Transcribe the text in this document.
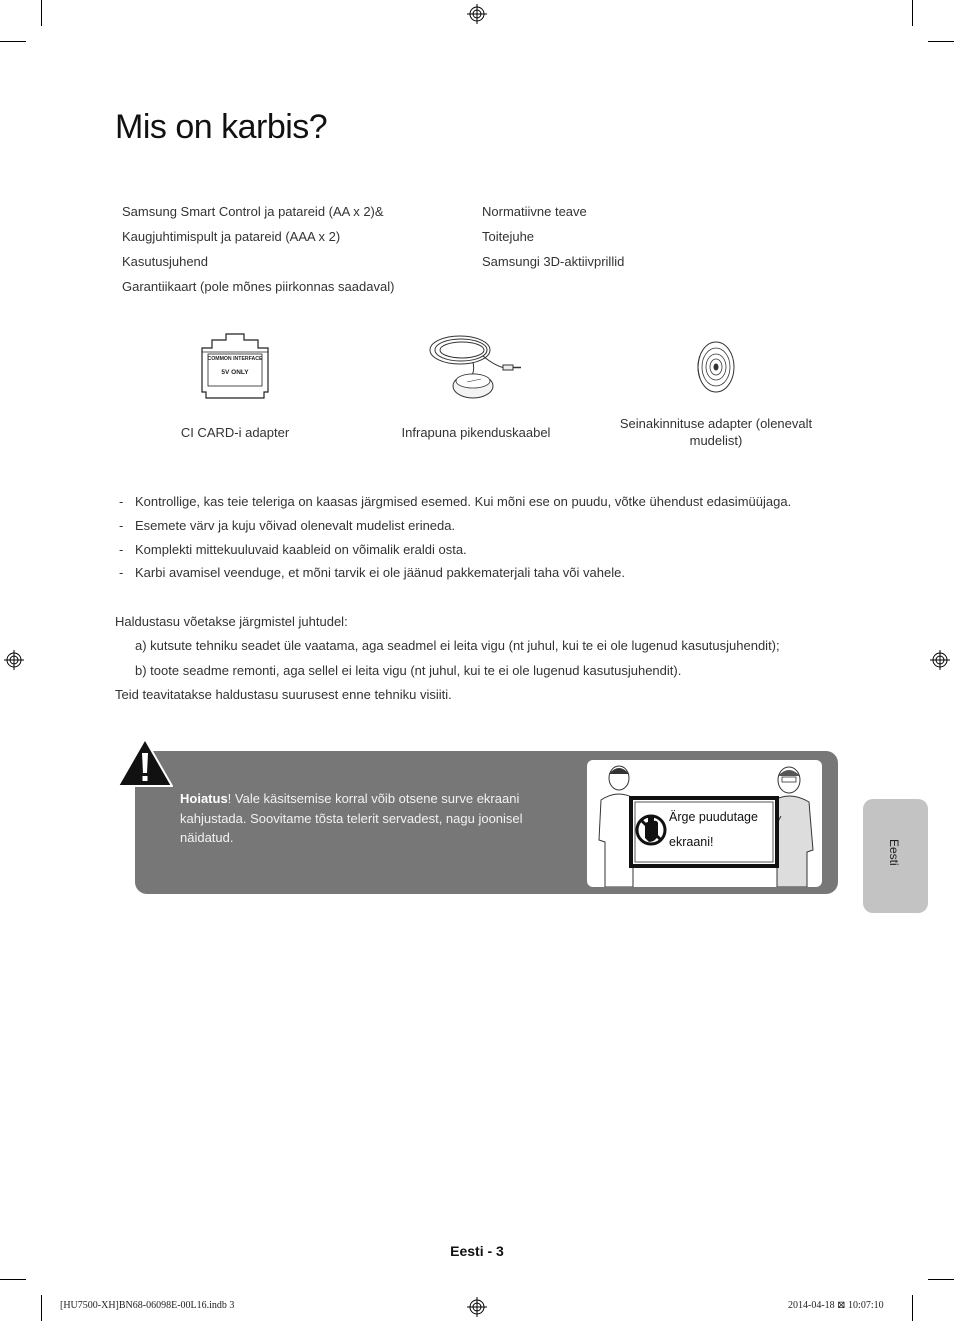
Mis on karbis?
Samsung Smart Control ja patareid (AA x 2)&
Kaugjuhtimispult ja patareid (AAA x 2)
Kasutusjuhend
Garantiikaart (pole mõnes piirkonnas saadaval)
Normatiivne teave
Toitejuhe
Samsungi 3D-aktiivprillid
COMMON INTERFACE
5V ONLY
CI CARD-i adapter	Infrapuna pikenduskaabel
Seinakinnituse adapter (olenevalt
mudelist)
- Kontrollige, kas teie teleriga on kaasas järgmised esemed. Kui mõni ese on puudu, võtke ühendust edasimüüjaga.
- Esemete värv ja kuju võivad olenevalt mudelist erineda.
- Komplekti mittekuuluvaid kaableid on võimalik eraldi osta.
- Karbi avamisel veenduge, et mõni tarvik ei ole jäänud pakkematerjali taha või vahele.
Haldustasu võetakse järgmistel juhtudel:
a) kutsute tehniku seadet üle vaatama, aga seadmel ei leita vigu (nt juhul, kui te ei ole lugenud kasutusjuhendit);
b) toote seadme remonti, aga sellel ei leita vigu (nt juhul, kui te ei ole lugenud kasutusjuhendit).
Teid teavitatakse haldustasu suurusest enne tehniku visiiti.
Hoiatus! Vale käsitsemise korral võib otsene surve ekraani kahjustada. Soovitame tõsta telerit servadest, nagu joonisel näidatud.
Ärge puudutage
ekraani!	Eesti
Eesti - 3
[HU7500-XH]BN68-06098E-00L16.indb 3	2014-04-18 ⊠ 10:07:10
